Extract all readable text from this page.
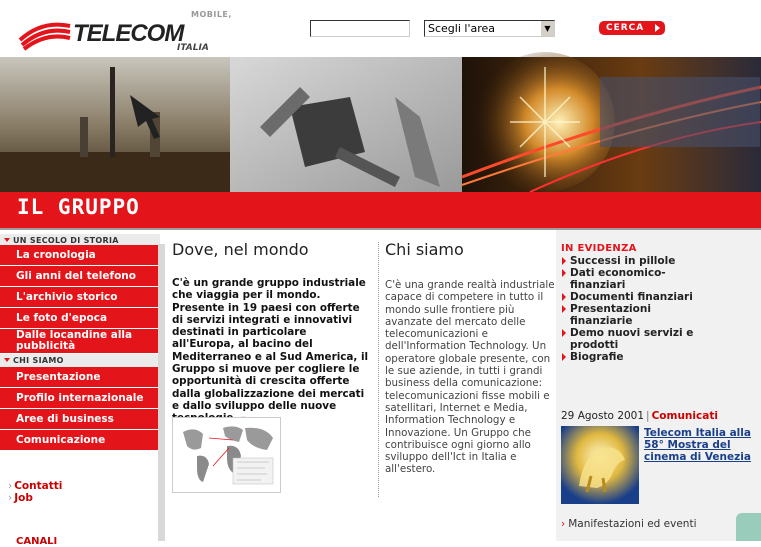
MOBILE,
TELECOM
ITALIA
Scegli l'area	▼	CERCA
IL GRUPPO
UN SECOLO DI STORIA
La cronologia
Gli anni del telefono
L'archivio storico
Le foto d'epoca
Dalle locandine alla pubblicità
CHI SIAMO
Presentazione
Profilo internazionale
Aree di business
Comunicazione
› Contatti
› Job
CANALI
Dove, nel mondo
C'è un grande gruppo industriale che viaggia per il mondo. Presente in 19 paesi con offerte di servizi integrati e innovativi destinati in particolare all'Europa, al bacino del Mediterraneo e al Sud America, il Gruppo si muove per cogliere le opportunità di crescita offerte dalla globalizzazione dei mercati e dallo sviluppo delle nuove
Chi siamo
C'è una grande realtà industriale capace di competere in tutto il mondo sulle frontiere più avanzate del mercato delle telecomunicazioni e dell'Information Technology. Un operatore globale presente, con le sue aziende, in tutti i grandi business della comunicazione: telecomunicazioni fisse mobili e satellitari, Internet e Media, Information Technology e Innovazione. Un Gruppo che contribuisce ogni giorno allo sviluppo dell'Ict in Italia e all'estero.
IN EVIDENZA
Successi in pillole
Dati economico-finanziari
Documenti finanziari
Presentazioni finanziarie
Demo nuovi servizi e prodotti
Biografie
29 Agosto 2001 | Comunicati
Telecom Italia alla 58° Mostra del cinema di Venezia
› Manifestazioni ed eventi
